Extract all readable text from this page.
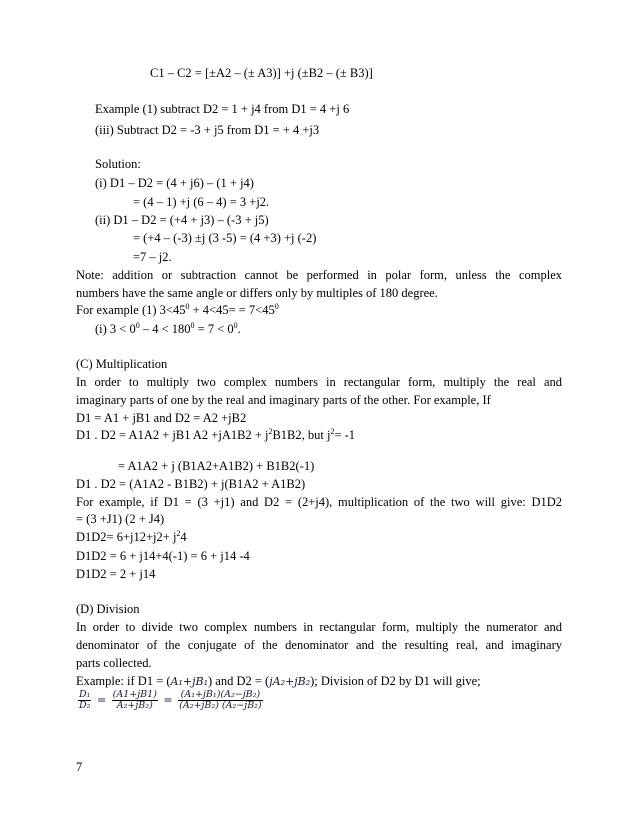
C1 – C2 = [±A2 – (± A3)] +j (±B2 – (± B3)]
Example (1) subtract D2 = 1 + j4 from D1 = 4 +j 6
(iii) Subtract D2 = -3 + j5 from D1 = + 4 +j3
Solution:
(i) D1 – D2 = (4 + j6) – (1 + j4)
= (4 – 1) +j (6 – 4) = 3 +j2.
(ii) D1 – D2 = (+4 + j3) – (-3 + j5)
= (+4 – (-3) ±j (3 -5) = (4 +3) +j (-2)
=7 – j2.
Note: addition or subtraction cannot be performed in polar form, unless the complex
numbers have the same angle or differs only by multiples of 180 degree.
For example (1) $3<45^0 + 4<45= = 7<45^0$
(i) $3 < 0^0 - 4 < 180^0 = 7 < 0^0$.
(C) Multiplication
In order to multiply two complex numbers in rectangular form, multiply the real and
imaginary parts of one by the real and imaginary parts of the other. For example, If
D1 = A1 + jB1 and D2 = A2 +jB2
D1 . D2 = A1A2 + jB1 $A2 +jA1B2 + j^2B1B2$, but $j^2= -1$
= A1A2 + j (B1A2+A1B2) + B1B2(-1)
D1 . D2 = (A1A2 - B1B2) + j(B1A2 + A1B2)
For example, if D1 = (3 +j1) and D2 = (2+j4), multiplication of the two will give: D1D2
= (3 +J1) (2 + J4)
$D1D2= 6+j12+j2+ j^24$
D1D2 = 6 + j14+4(-1) = 6 + j14 -4
D1D2 = 2 + j14
(D) Division
In order to divide two complex numbers in rectangular form, multiply the numerator and
denominator of the conjugate of the denominator and the resulting real, and imaginary
parts collected.
Example: if D1 = (A₁+jB₁) and D2 = (jA₂+jB₂); Division of D2 by D1 will give;
$\frac{\text{D₁}}{\text{D₂}} = \frac{(A1+jB1)}{\text{A₂+jB₂)}} = \frac{\text{(A₁+jB₁)(A₂−jB₂)}}{\text{(A₂+jB₂) (A₂−jB₂)}}$
7
